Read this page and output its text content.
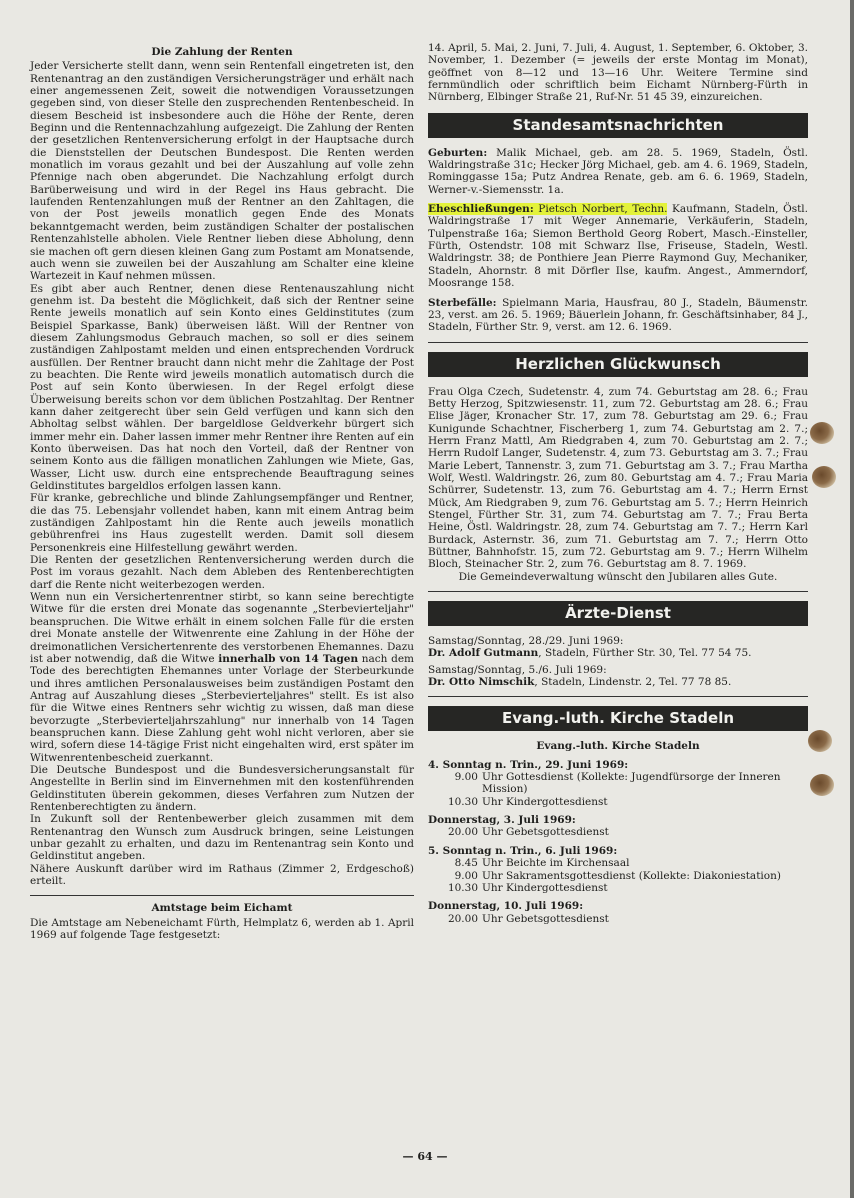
Die Zahlung der Renten

Jeder Versicherte stellt dann, wenn sein Rentenfall eingetreten ist, den Rentenantrag an den zuständigen Versicherungsträger und erhält nach einer angemessenen Zeit, soweit die notwendigen Voraussetzungen gegeben sind, von dieser Stelle den zusprechenden Rentenbescheid. In diesem Bescheid ist insbesondere auch die Höhe der Rente, deren Beginn und die Rentennachzahlung aufgezeigt. Die Zahlung der Renten der gesetzlichen Rentenversicherung erfolgt in der Hauptsache durch die Dienststellen der Deutschen Bundespost. Die Renten werden monatlich im voraus gezahlt und bei der Auszahlung auf volle zehn Pfennige nach oben abgerundet. Die Nachzahlung erfolgt durch Barüberweisung und wird in der Regel ins Haus gebracht. Die laufenden Rentenzahlungen muß der Rentner an den Zahltagen, die von der Post jeweils monatlich gegen Ende des Monats bekanntgemacht werden, beim zuständigen Schalter der postalischen Rentenzahlstelle abholen. Viele Rentner lieben diese Abholung, denn sie machen oft gern diesen kleinen Gang zum Postamt am Monatsende, auch wenn sie zuweilen bei der Auszahlung am Schalter eine kleine Wartezeit in Kauf nehmen müssen.

Es gibt aber auch Rentner, denen diese Rentenauszahlung nicht genehm ist. Da besteht die Möglichkeit, daß sich der Rentner seine Rente jeweils monatlich auf sein Konto eines Geldinstitutes (zum Beispiel Sparkasse, Bank) überweisen läßt. Will der Rentner von diesem Zahlungsmodus Gebrauch machen, so soll er dies seinem zuständigen Zahlpostamt melden und einen entsprechenden Vordruck ausfüllen. Der Rentner braucht dann nicht mehr die Zahltage der Post zu beachten. Die Rente wird jeweils monatlich automatisch durch die Post auf sein Konto überwiesen. In der Regel erfolgt diese Überweisung bereits schon vor dem üblichen Postzahltag. Der Rentner kann daher zeitgerecht über sein Geld verfügen und kann sich den Abholtag selbst wählen. Der bargeldlose Geldverkehr bürgert sich immer mehr ein. Daher lassen immer mehr Rentner ihre Renten auf ein Konto überweisen. Das hat noch den Vorteil, daß der Rentner von seinem Konto aus die fälligen monatlichen Zahlungen wie Miete, Gas, Wasser, Licht usw. durch eine entsprechende Beauftragung seines Geldinstitutes bargeldlos erfolgen lassen kann.

Für kranke, gebrechliche und blinde Zahlungsempfänger und Rentner, die das 75. Lebensjahr vollendet haben, kann mit einem Antrag beim zuständigen Zahlpostamt hin die Rente auch jeweils monatlich gebührenfrei ins Haus zugestellt werden. Damit soll diesem Personenkreis eine Hilfestellung gewährt werden.

Die Renten der gesetzlichen Rentenversicherung werden durch die Post im voraus gezahlt. Nach dem Ableben des Rentenberechtigten darf die Rente nicht weiterbezogen werden.

Wenn nun ein Versichertenrentner stirbt, so kann seine berechtigte Witwe für die ersten drei Monate das sogenannte „Sterbevierteljahr" beanspruchen. Die Witwe erhält in einem solchen Falle für die ersten drei Monate anstelle der Witwenrente eine Zahlung in der Höhe der dreimonatlichen Versichertenrente des verstorbenen Ehemannes. Dazu ist aber notwendig, daß die Witwe innerhalb von 14 Tagen nach dem Tode des berechtigten Ehemannes unter Vorlage der Sterbeurkunde und ihres amtlichen Personalausweises beim zuständigen Postamt den Antrag auf Auszahlung dieses „Sterbevierteljahres" stellt. Es ist also für die Witwe eines Rentners sehr wichtig zu wissen, daß man diese bevorzugte „Sterbevierteljahrszahlung" nur innerhalb von 14 Tagen beanspruchen kann. Diese Zahlung geht wohl nicht verloren, aber sie wird, sofern diese 14-tägige Frist nicht eingehalten wird, erst später im Witwenrentenbescheid zuerkannt.

Die Deutsche Bundespost und die Bundesversicherungsanstalt für Angestellte in Berlin sind im Einvernehmen mit den kostenführenden Geldinstituten überein gekommen, dieses Verfahren zum Nutzen der Rentenberechtigten zu ändern.

In Zukunft soll der Rentenbewerber gleich zusammen mit dem Rentenantrag den Wunsch zum Ausdruck bringen, seine Leistungen unbar gezahlt zu erhalten, und dazu im Rentenantrag sein Konto und Geldinstitut angeben.

Nähere Auskunft darüber wird im Rathaus (Zimmer 2, Erdgeschoß) erteilt.

Amtstage beim Eichamt

Die Amtstage am Nebeneichamt Fürth, Helmplatz 6, werden ab 1. April 1969 auf folgende Tage festgesetzt:

14. April, 5. Mai, 2. Juni, 7. Juli, 4. August, 1. September, 6. Oktober, 3. November, 1. Dezember (= jeweils der erste Montag im Monat), geöffnet von 8—12 und 13—16 Uhr. Weitere Termine sind fernmündlich oder schriftlich beim Eichamt Nürnberg-Fürth in Nürnberg, Elbinger Straße 21, Ruf-Nr. 51 45 39, einzureichen.

Standesamtsnachrichten

Geburten: Malik Michael, geb. am 28. 5. 1969, Stadeln, Östl. Waldringstraße 31c; Hecker Jörg Michael, geb. am 4. 6. 1969, Stadeln, Rominggasse 15a; Putz Andrea Renate, geb. am 6. 6. 1969, Stadeln, Werner-v.-Siemensstr. 1a.

Eheschließungen: Pietsch Norbert, Techn. Kaufmann, Stadeln, Östl. Waldringstraße 17 mit Weger Annemarie, Verkäuferin, Stadeln, Tulpenstraße 16a; Siemon Berthold Georg Robert, Masch.-Einsteller, Fürth, Ostendstr. 108 mit Schwarz Ilse, Friseuse, Stadeln, Westl. Waldringstr. 38; de Ponthiere Jean Pierre Raymond Guy, Mechaniker, Stadeln, Ahornstr. 8 mit Dörfler Ilse, kaufm. Angest., Ammerndorf, Moosrange 158.

Sterbefälle: Spielmann Maria, Hausfrau, 80 J., Stadeln, Bäumenstr. 23, verst. am 26. 5. 1969; Bäuerlein Johann, fr. Geschäftsinhaber, 84 J., Stadeln, Fürther Str. 9, verst. am 12. 6. 1969.

Herzlichen Glückwunsch

Frau Olga Czech, Sudetenstr. 4, zum 74. Geburtstag am 28. 6.; Frau Betty Herzog, Spitzwiesenstr. 11, zum 72. Geburtstag am 28. 6.; Frau Elise Jäger, Kronacher Str. 17, zum 78. Geburtstag am 29. 6.; Frau Kunigunde Schachtner, Fischerberg 1, zum 74. Geburtstag am 2. 7.; Herrn Franz Mattl, Am Riedgraben 4, zum 70. Geburtstag am 2. 7.; Herrn Rudolf Langer, Sudetenstr. 4, zum 73. Geburtstag am 3. 7.; Frau Marie Lebert, Tannenstr. 3, zum 71. Geburtstag am 3. 7.; Frau Martha Wolf, Westl. Waldringstr. 26, zum 80. Geburtstag am 4. 7.; Frau Maria Schürrer, Sudetenstr. 13, zum 76. Geburtstag am 4. 7.; Herrn Ernst Mück, Am Riedgraben 9, zum 76. Geburtstag am 5. 7.; Herrn Heinrich Stengel, Fürther Str. 31, zum 74. Geburtstag am 7. 7.; Frau Berta Heine, Östl. Waldringstr. 28, zum 74. Geburtstag am 7. 7.; Herrn Karl Burdack, Asternstr. 36, zum 71. Geburtstag am 7. 7.; Herrn Otto Büttner, Bahnhofstr. 15, zum 72. Geburtstag am 9. 7.; Herrn Wilhelm Bloch, Steinacher Str. 2, zum 76. Geburtstag am 8. 7. 1969.

Die Gemeindeverwaltung wünscht den Jubilaren alles Gute.

Ärzte-Dienst

Samstag/Sonntag, 28./29. Juni 1969:

Dr. Adolf Gutmann, Stadeln, Fürther Str. 30, Tel. 77 54 75.

Samstag/Sonntag, 5./6. Juli 1969:

Dr. Otto Nimschik, Stadeln, Lindenstr. 2, Tel. 77 78 85.

Evang.-luth. Kirche Stadeln
Evang.-luth. Kirche Stadeln
4. Sonntag n. Trin., 29. Juni 1969:
9.00 Uhr Gottesdienst (Kollekte: Jugendfürsorge der Inneren Mission)
10.30 Uhr Kindergottesdienst
Donnerstag, 3. Juli 1969:
20.00 Uhr Gebetsgottesdienst
5. Sonntag n. Trin., 6. Juli 1969:
8.45 Uhr Beichte im Kirchensaal
9.00 Uhr Sakramentsgottesdienst (Kollekte: Diakoniestation)
10.30 Uhr Kindergottesdienst
Donnerstag, 10. Juli 1969:
20.00 Uhr Gebetsgottesdienst
— 64 —
